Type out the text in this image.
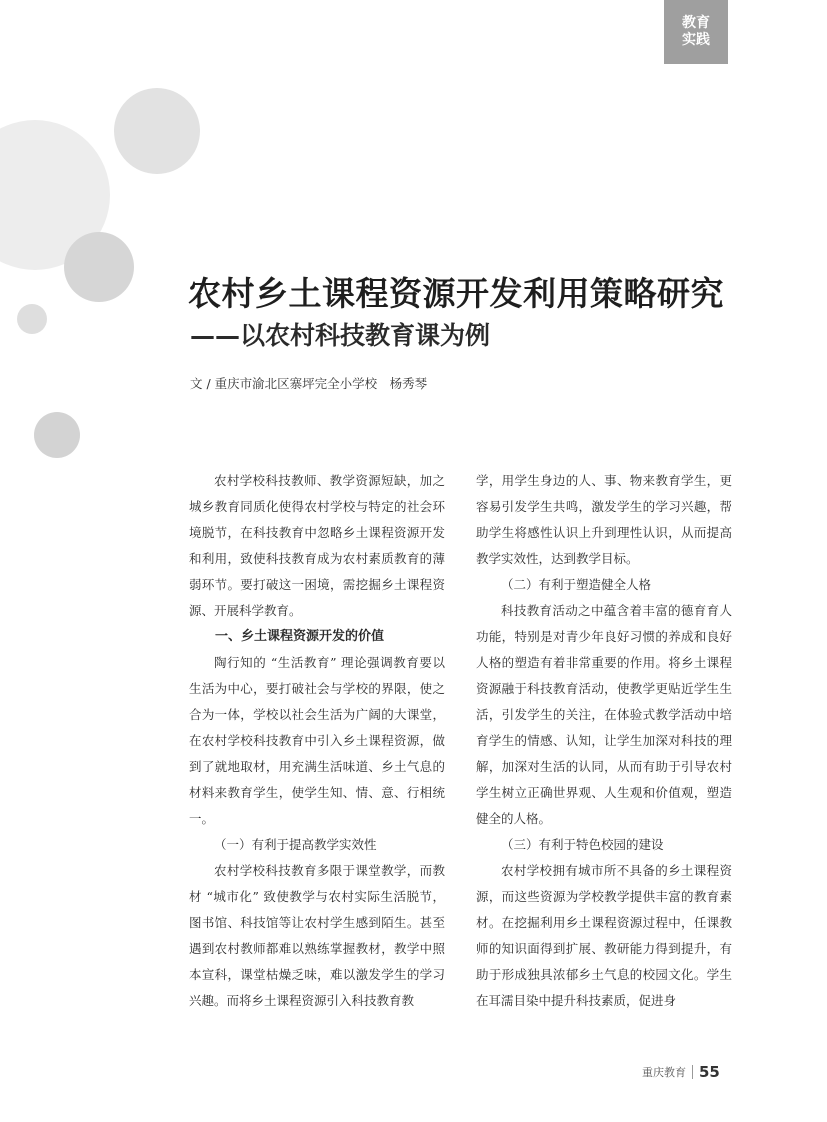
教育
实践
农村乡土课程资源开发利用策略研究
——以农村科技教育课为例

文 / 重庆市渝北区寨坪完全小学校　杨秀琴

农村学校科技教师、教学资源短缺，加之城乡教育同质化使得农村学校与特定的社会环境脱节，在科技教育中忽略乡土课程资源开发和利用，致使科技教育成为农村素质教育的薄弱环节。要打破这一困境，需挖掘乡土课程资源、开展科学教育。

一、乡土课程资源开发的价值

陶行知的 “生活教育” 理论强调教育要以生活为中心，要打破社会与学校的界限，使之合为一体，学校以社会生活为广阔的大课堂，在农村学校科技教育中引入乡土课程资源，做到了就地取材，用充满生活味道、乡土气息的材料来教育学生，使学生知、情、意、行相统一。

（一）有利于提高教学实效性

农村学校科技教育多限于课堂教学，而教材 “城市化” 致使教学与农村实际生活脱节，图书馆、科技馆等让农村学生感到陌生。甚至遇到农村教师都难以熟练掌握教材，教学中照本宣科，课堂枯燥乏味，难以激发学生的学习兴趣。而将乡土课程资源引入科技教育教

学，用学生身边的人、事、物来教育学生，更容易引发学生共鸣，激发学生的学习兴趣，帮助学生将感性认识上升到理性认识，从而提高教学实效性，达到教学目标。

（二）有利于塑造健全人格

科技教育活动之中蕴含着丰富的德育育人功能，特别是对青少年良好习惯的养成和良好人格的塑造有着非常重要的作用。将乡土课程资源融于科技教育活动，使教学更贴近学生生活，引发学生的关注，在体验式教学活动中培育学生的情感、认知，让学生加深对科技的理解，加深对生活的认同，从而有助于引导农村学生树立正确世界观、人生观和价值观，塑造健全的人格。

（三）有利于特色校园的建设

农村学校拥有城市所不具备的乡土课程资源，而这些资源为学校教学提供丰富的教育素材。在挖掘利用乡土课程资源过程中，任课教师的知识面得到扩展、教研能力得到提升，有助于形成独具浓郁乡土气息的校园文化。学生在耳濡目染中提升科技素质，促进身

重庆教育 55
